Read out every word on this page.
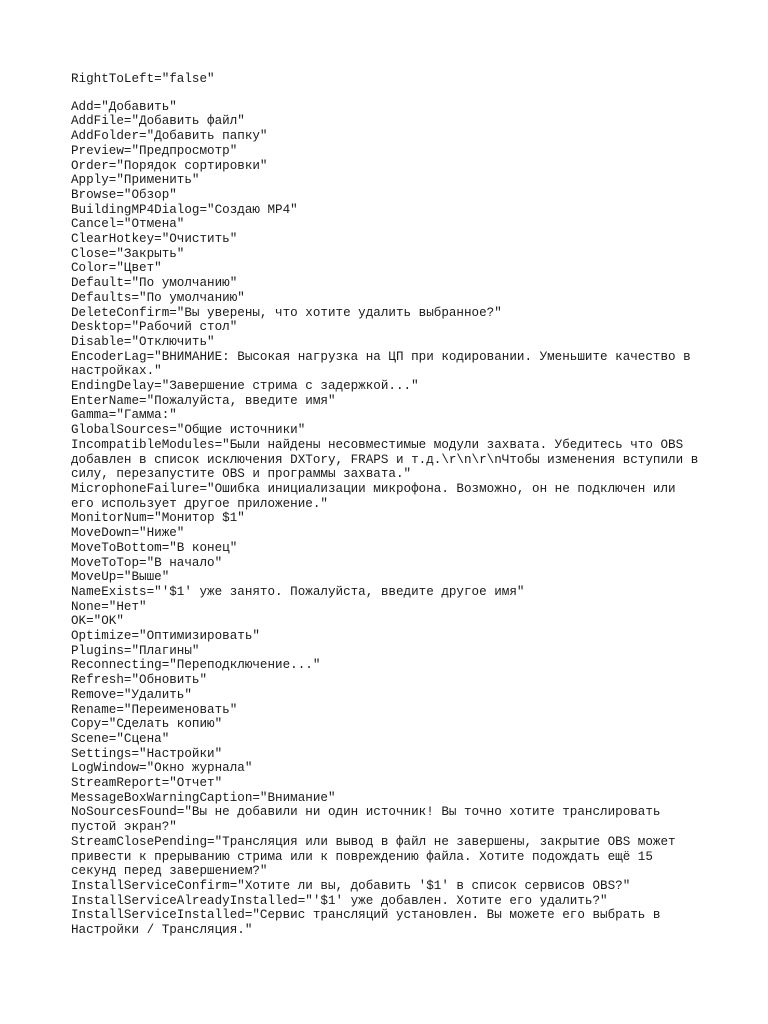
RightToLeft="false"
Add="Добавить"
AddFile="Добавить файл"
AddFolder="Добавить папку"
Preview="Предпросмотр"
Order="Порядок сортировки"
Apply="Применить"
Browse="Обзор"
BuildingMP4Dialog="Создаю MP4"
Cancel="Отмена"
ClearHotkey="Очистить"
Close="Закрыть"
Color="Цвет"
Default="По умолчанию"
Defaults="По умолчанию"
DeleteConfirm="Вы уверены, что хотите удалить выбранное?"
Desktop="Рабочий стол"
Disable="Отключить"
EncoderLag="ВНИМАНИЕ: Высокая нагрузка на ЦП при кодировании. Уменьшите качество в
настройках."
EndingDelay="Завершение стрима с задержкой..."
EnterName="Пожалуйста, введите имя"
Gamma="Гамма:"
GlobalSources="Общие источники"
IncompatibleModules="Были найдены несовместимые модули захвата. Убедитесь что OBS
добавлен в список исключения DXTory, FRAPS и т.д.\r\n\r\nЧтобы изменения вступили в
силу, перезапустите OBS и программы захвата."
MicrophoneFailure="Ошибка инициализации микрофона. Возможно, он не подключен или
его использует другое приложение."
MonitorNum="Монитор $1"
MoveDown="Ниже"
MoveToBottom="В конец"
MoveToTop="В начало"
MoveUp="Выше"
NameExists="'$1' уже занято. Пожалуйста, введите другое имя"
None="Нет"
OK="OK"
Optimize="Оптимизировать"
Plugins="Плагины"
Reconnecting="Переподключение..."
Refresh="Обновить"
Remove="Удалить"
Rename="Переименовать"
Copy="Сделать копию"
Scene="Сцена"
Settings="Настройки"
LogWindow="Окно журнала"
StreamReport="Отчет"
MessageBoxWarningCaption="Внимание"
NoSourcesFound="Вы не добавили ни один источник! Вы точно хотите транслировать
пустой экран?"
StreamClosePending="Трансляция или вывод в файл не завершены, закрытие OBS может
привести к прерыванию стрима или к повреждению файла. Хотите подождать ещё 15
секунд перед завершением?"
InstallServiceConfirm="Хотите ли вы, добавить '$1' в список сервисов OBS?"
InstallServiceAlreadyInstalled="'$1' уже добавлен. Хотите его удалить?"
InstallServiceInstalled="Сервис трансляций установлен. Вы можете его выбрать в
Настройки / Трансляция."
